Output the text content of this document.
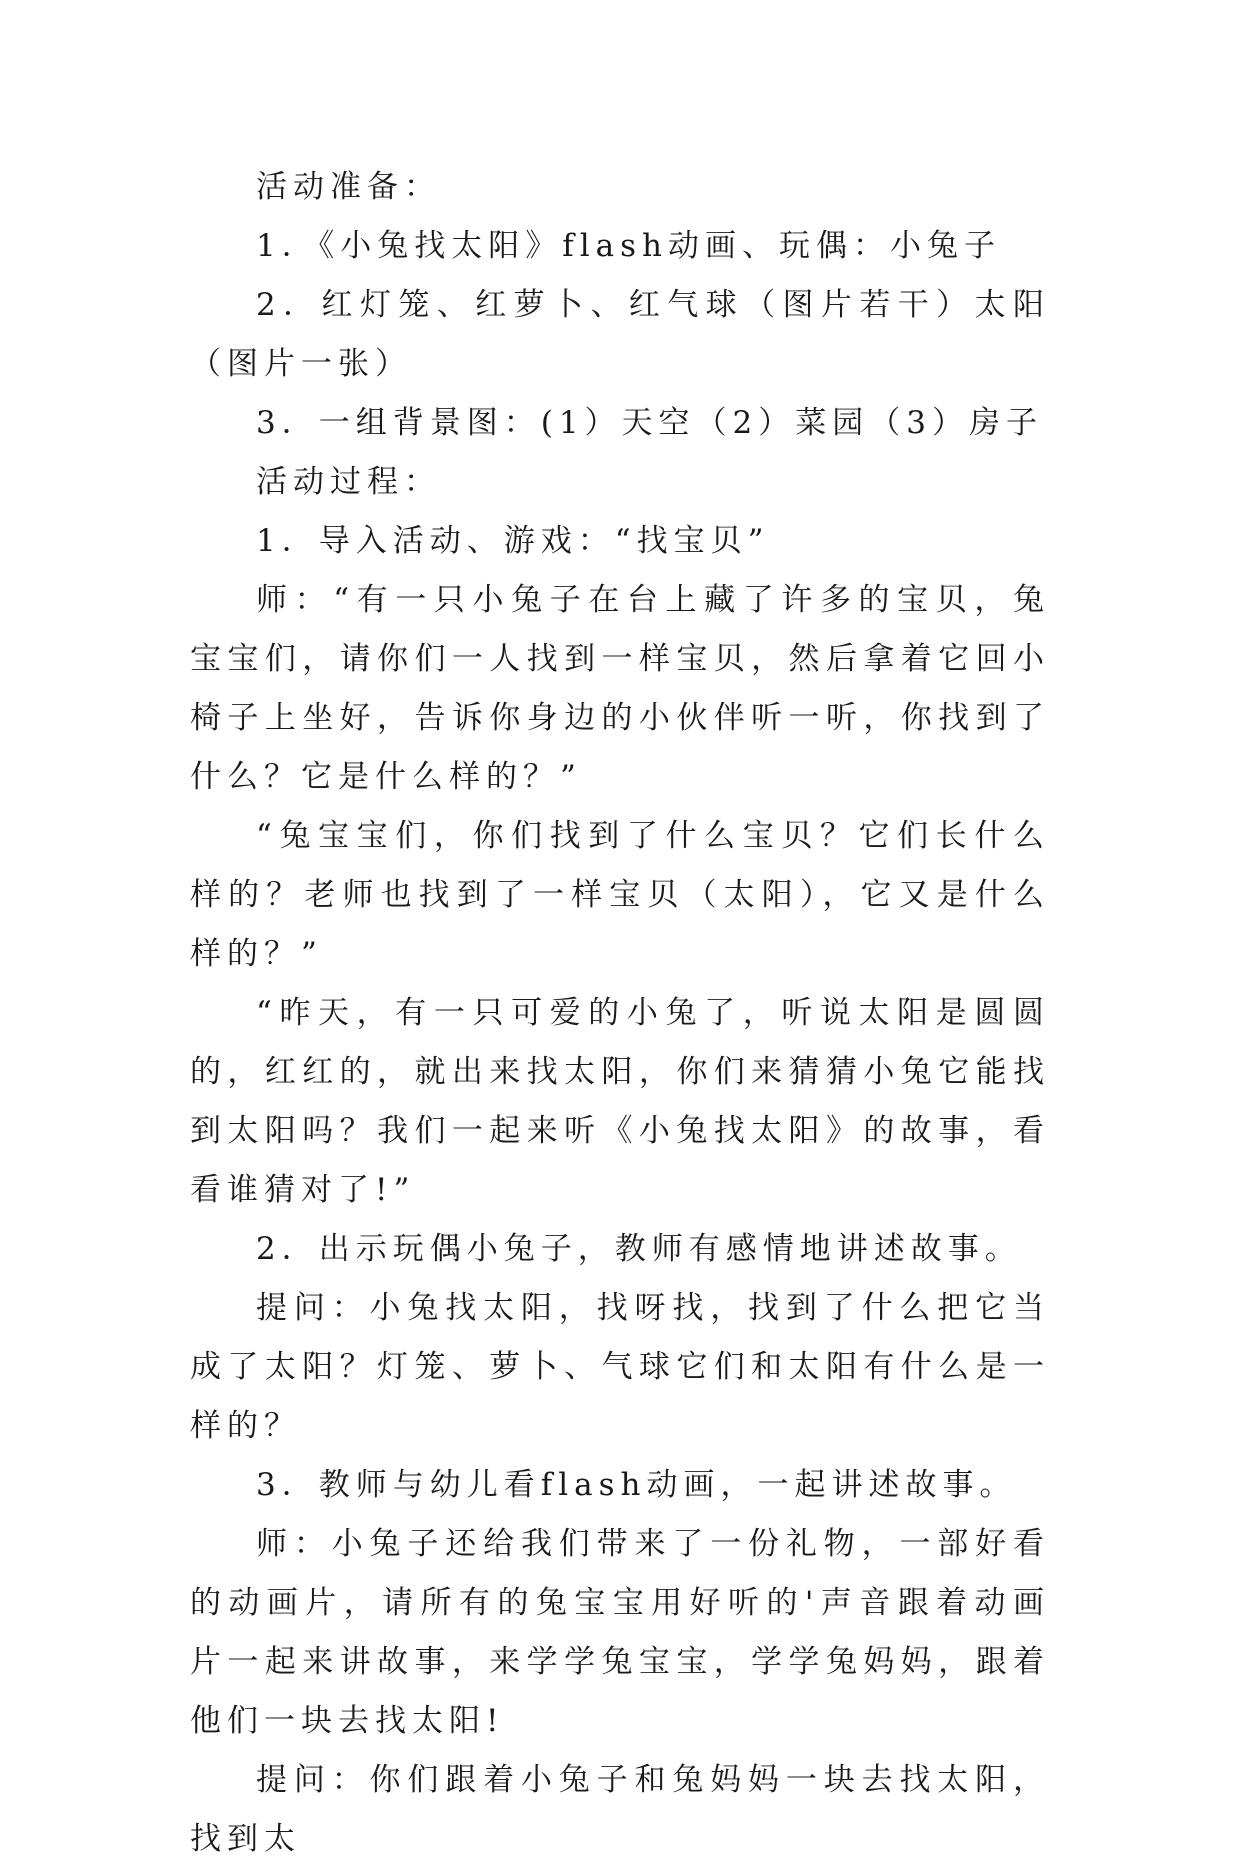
活动准备：

1．《小兔找太阳》flash动画、玩偶：小兔子

2．红灯笼、红萝卜、红气球（图片若干）太阳（图片一张）

3．一组背景图：(1）天空（2）菜园（3）房子

活动过程：

1．导入活动、游戏：“找宝贝”

师：“有一只小兔子在台上藏了许多的宝贝，兔宝宝们，请你们一人找到一样宝贝，然后拿着它回小椅子上坐好，告诉你身边的小伙伴听一听，你找到了什么？它是什么样的？”

“兔宝宝们，你们找到了什么宝贝？它们长什么样的？老师也找到了一样宝贝（太阳），它又是什么样的？”

“昨天，有一只可爱的小兔了，听说太阳是圆圆的，红红的，就出来找太阳，你们来猜猜小兔它能找到太阳吗？我们一起来听《小兔找太阳》的故事，看看谁猜对了!”

2．出示玩偶小兔子，教师有感情地讲述故事。

提问：小兔找太阳，找呀找，找到了什么把它当成了太阳？灯笼、萝卜、气球它们和太阳有什么是一样的？

3．教师与幼儿看flash动画，一起讲述故事。

师：小兔子还给我们带来了一份礼物，一部好看的动画片，请所有的兔宝宝用好听的'声音跟着动画片一起来讲故事，来学学兔宝宝，学学兔妈妈，跟着他们一块去找太阳!

提问：你们跟着小兔子和兔妈妈一块去找太阳，找到太
